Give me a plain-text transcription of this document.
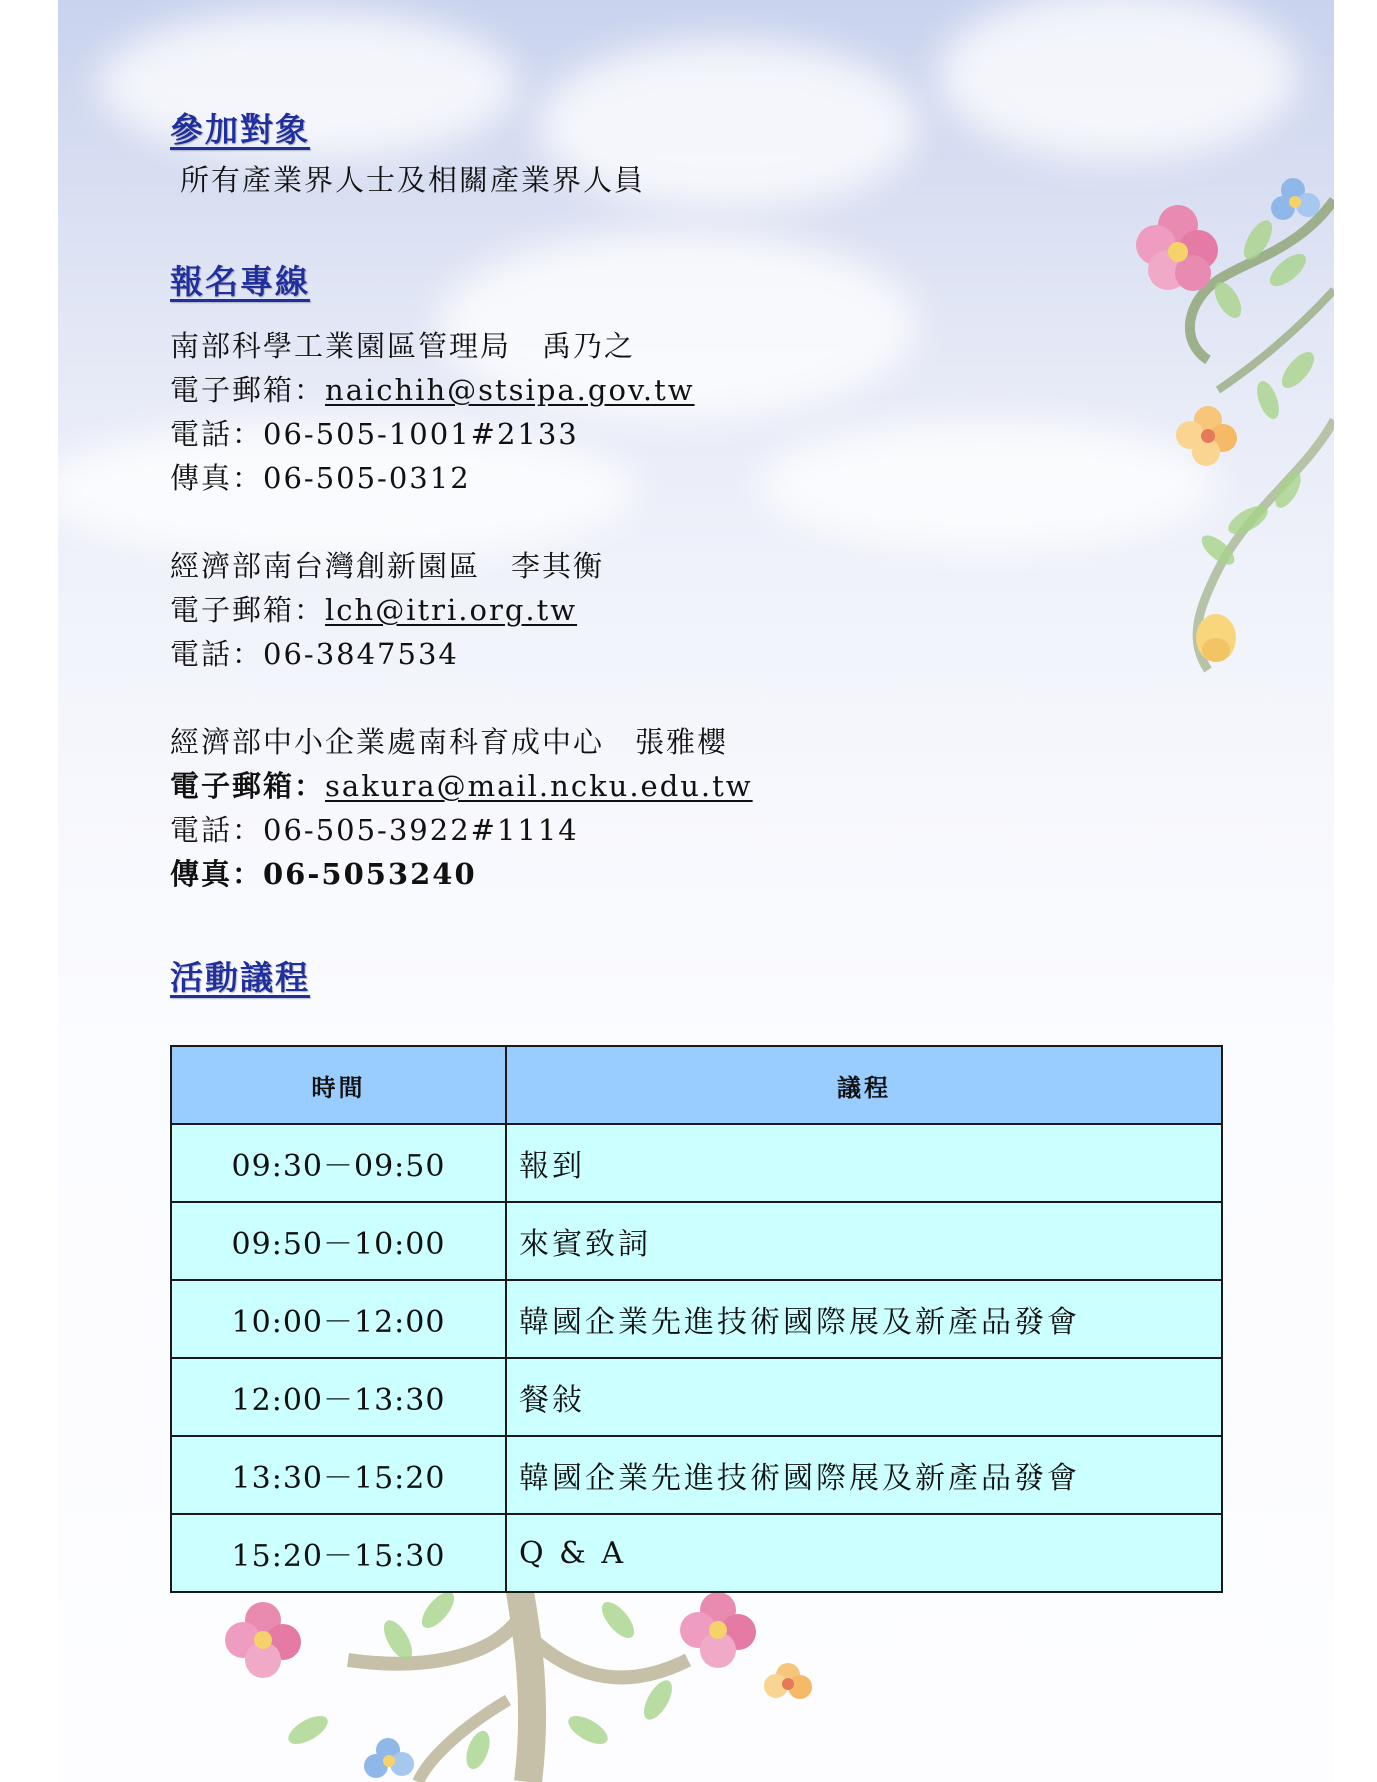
參加對象
所有產業界人士及相關產業界人員
報名專線
南部科學工業園區管理局　禹乃之
電子郵箱：naichih@stsipa.gov.tw
電話：06-505-1001#2133
傳真：06-505-0312
經濟部南台灣創新園區　李其衡
電子郵箱：lch@itri.org.tw
電話：06-3847534
經濟部中小企業處南科育成中心　張雅櫻
電子郵箱：sakura@mail.ncku.edu.tw
電話：06-505-3922#1114
傳真：06-5053240
活動議程
時間	議程
09:30－09:50	報到
09:50－10:00	來賓致詞
10:00－12:00	韓國企業先進技術國際展及新產品發會
12:00－13:30	餐敍
13:30－15:20	韓國企業先進技術國際展及新產品發會
15:20－15:30	Q & A
